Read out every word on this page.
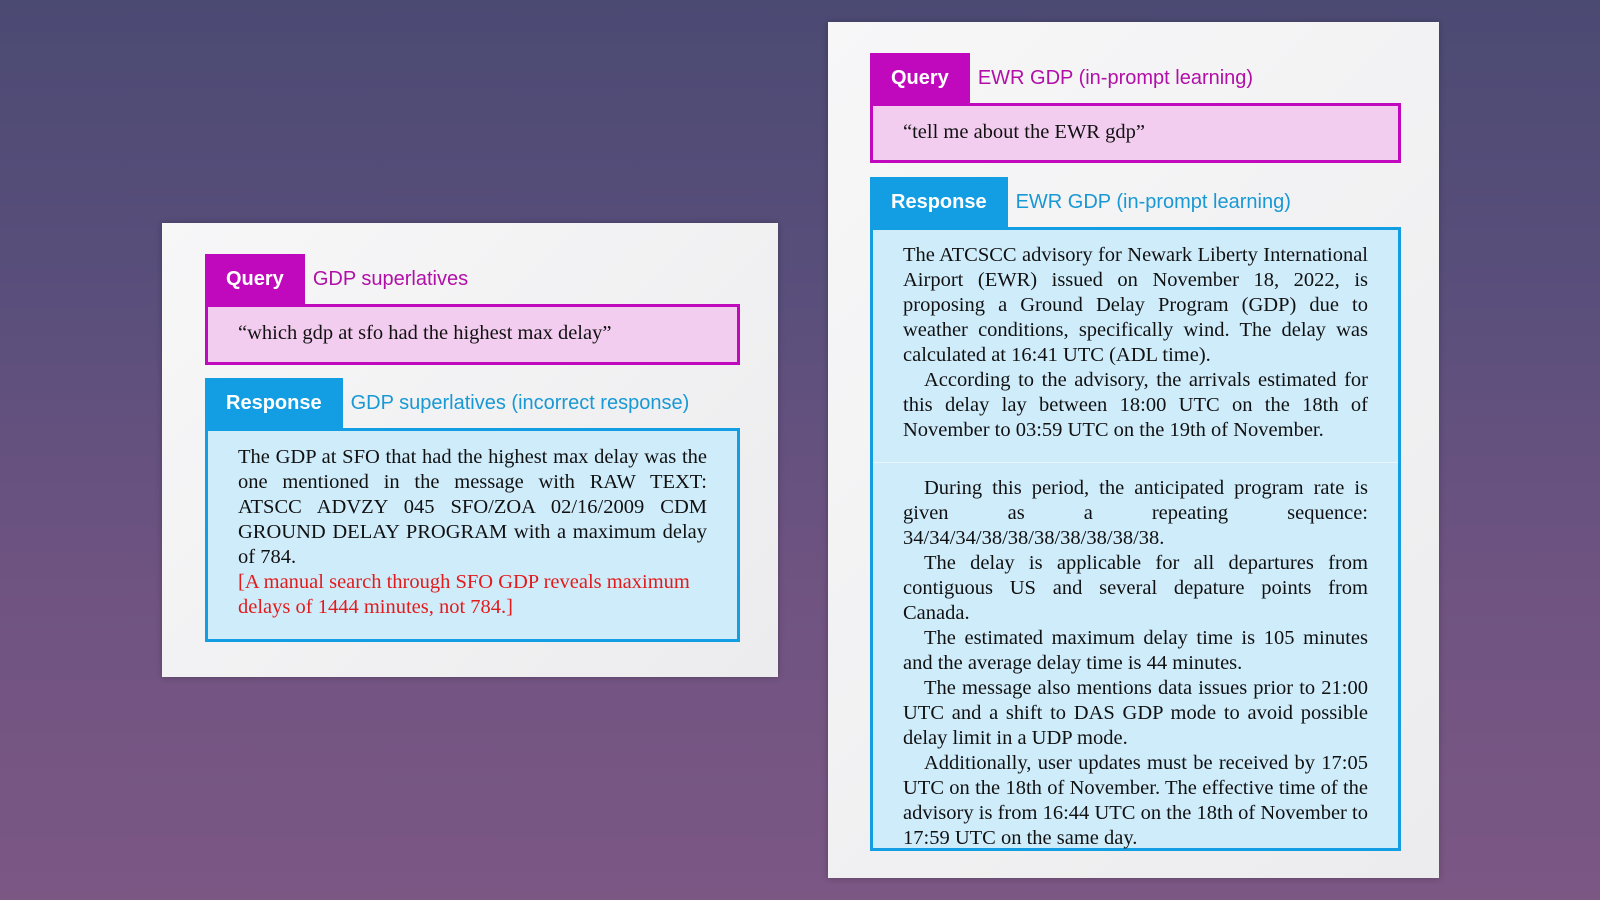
Query	GDP superlatives

“which gdp at sfo had the highest max delay”

Response	GDP superlatives (incorrect response)

The GDP at SFO that had the highest max delay was the one mentioned in the message with RAW TEXT: ATSCC ADVZY 045 SFO/ZOA 02/16/2009 CDM GROUND DELAY PROGRAM with a maximum delay of 784.

[A manual search through SFO GDP reveals maximum delays of 1444 minutes, not 784.]

Query	EWR GDP (in-prompt learning)

“tell me about the EWR gdp”

Response	EWR GDP (in-prompt learning)

The ATCSCC advisory for Newark Liberty International Airport (EWR) issued on November 18, 2022, is proposing a Ground Delay Program (GDP) due to weather conditions, specifically wind. The delay was calculated at 16:41 UTC (ADL time).

According to the advisory, the arrivals estimated for this delay lay between 18:00 UTC on the 18th of November to 03:59 UTC on the 19th of November.

During this period, the anticipated program rate is given as a repeating sequence: 34/34/34/38/38/38/38/38/38/38.

The delay is applicable for all departures from contiguous US and several depature points from Canada.

The estimated maximum delay time is 105 minutes and the average delay time is 44 minutes.

The message also mentions data issues prior to 21:00 UTC and a shift to DAS GDP mode to avoid possible delay limit in a UDP mode.

Additionally, user updates must be received by 17:05 UTC on the 18th of November. The effective time of the advisory is from 16:44 UTC on the 18th of November to 17:59 UTC on the same day.
